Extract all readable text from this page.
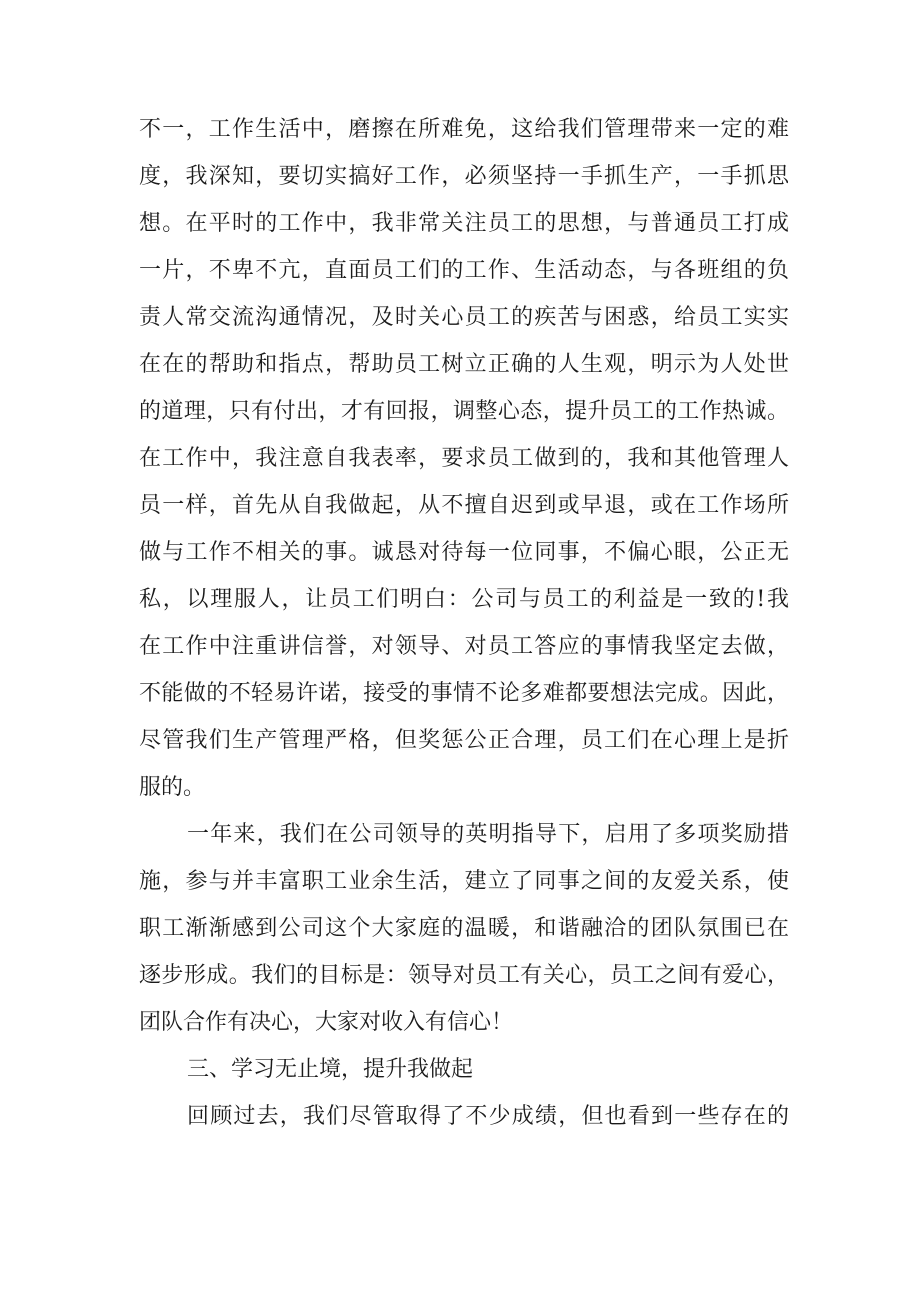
不一，工作生活中，磨擦在所难免，这给我们管理带来一定的难
度，我深知，要切实搞好工作，必须坚持一手抓生产，一手抓思
想。在平时的工作中，我非常关注员工的思想，与普通员工打成
一片，不卑不亢，直面员工们的工作、生活动态，与各班组的负
责人常交流沟通情况，及时关心员工的疾苦与困惑，给员工实实
在在的帮助和指点，帮助员工树立正确的人生观，明示为人处世
的道理，只有付出，才有回报，调整心态，提升员工的工作热诚。
在工作中，我注意自我表率，要求员工做到的，我和其他管理人
员一样，首先从自我做起，从不擅自迟到或早退，或在工作场所
做与工作不相关的事。诚恳对待每一位同事，不偏心眼，公正无
私，以理服人，让员工们明白：公司与员工的利益是一致的!我
在工作中注重讲信誉，对领导、对员工答应的事情我坚定去做，
不能做的不轻易许诺，接受的事情不论多难都要想法完成。因此，
尽管我们生产管理严格，但奖惩公正合理，员工们在心理上是折
服的。
一年来，我们在公司领导的英明指导下，启用了多项奖励措
施，参与并丰富职工业余生活，建立了同事之间的友爱关系，使
职工渐渐感到公司这个大家庭的温暖，和谐融洽的团队氛围已在
逐步形成。我们的目标是：领导对员工有关心，员工之间有爱心，
团队合作有决心，大家对收入有信心！
三、学习无止境，提升我做起
回顾过去，我们尽管取得了不少成绩，但也看到一些存在的
